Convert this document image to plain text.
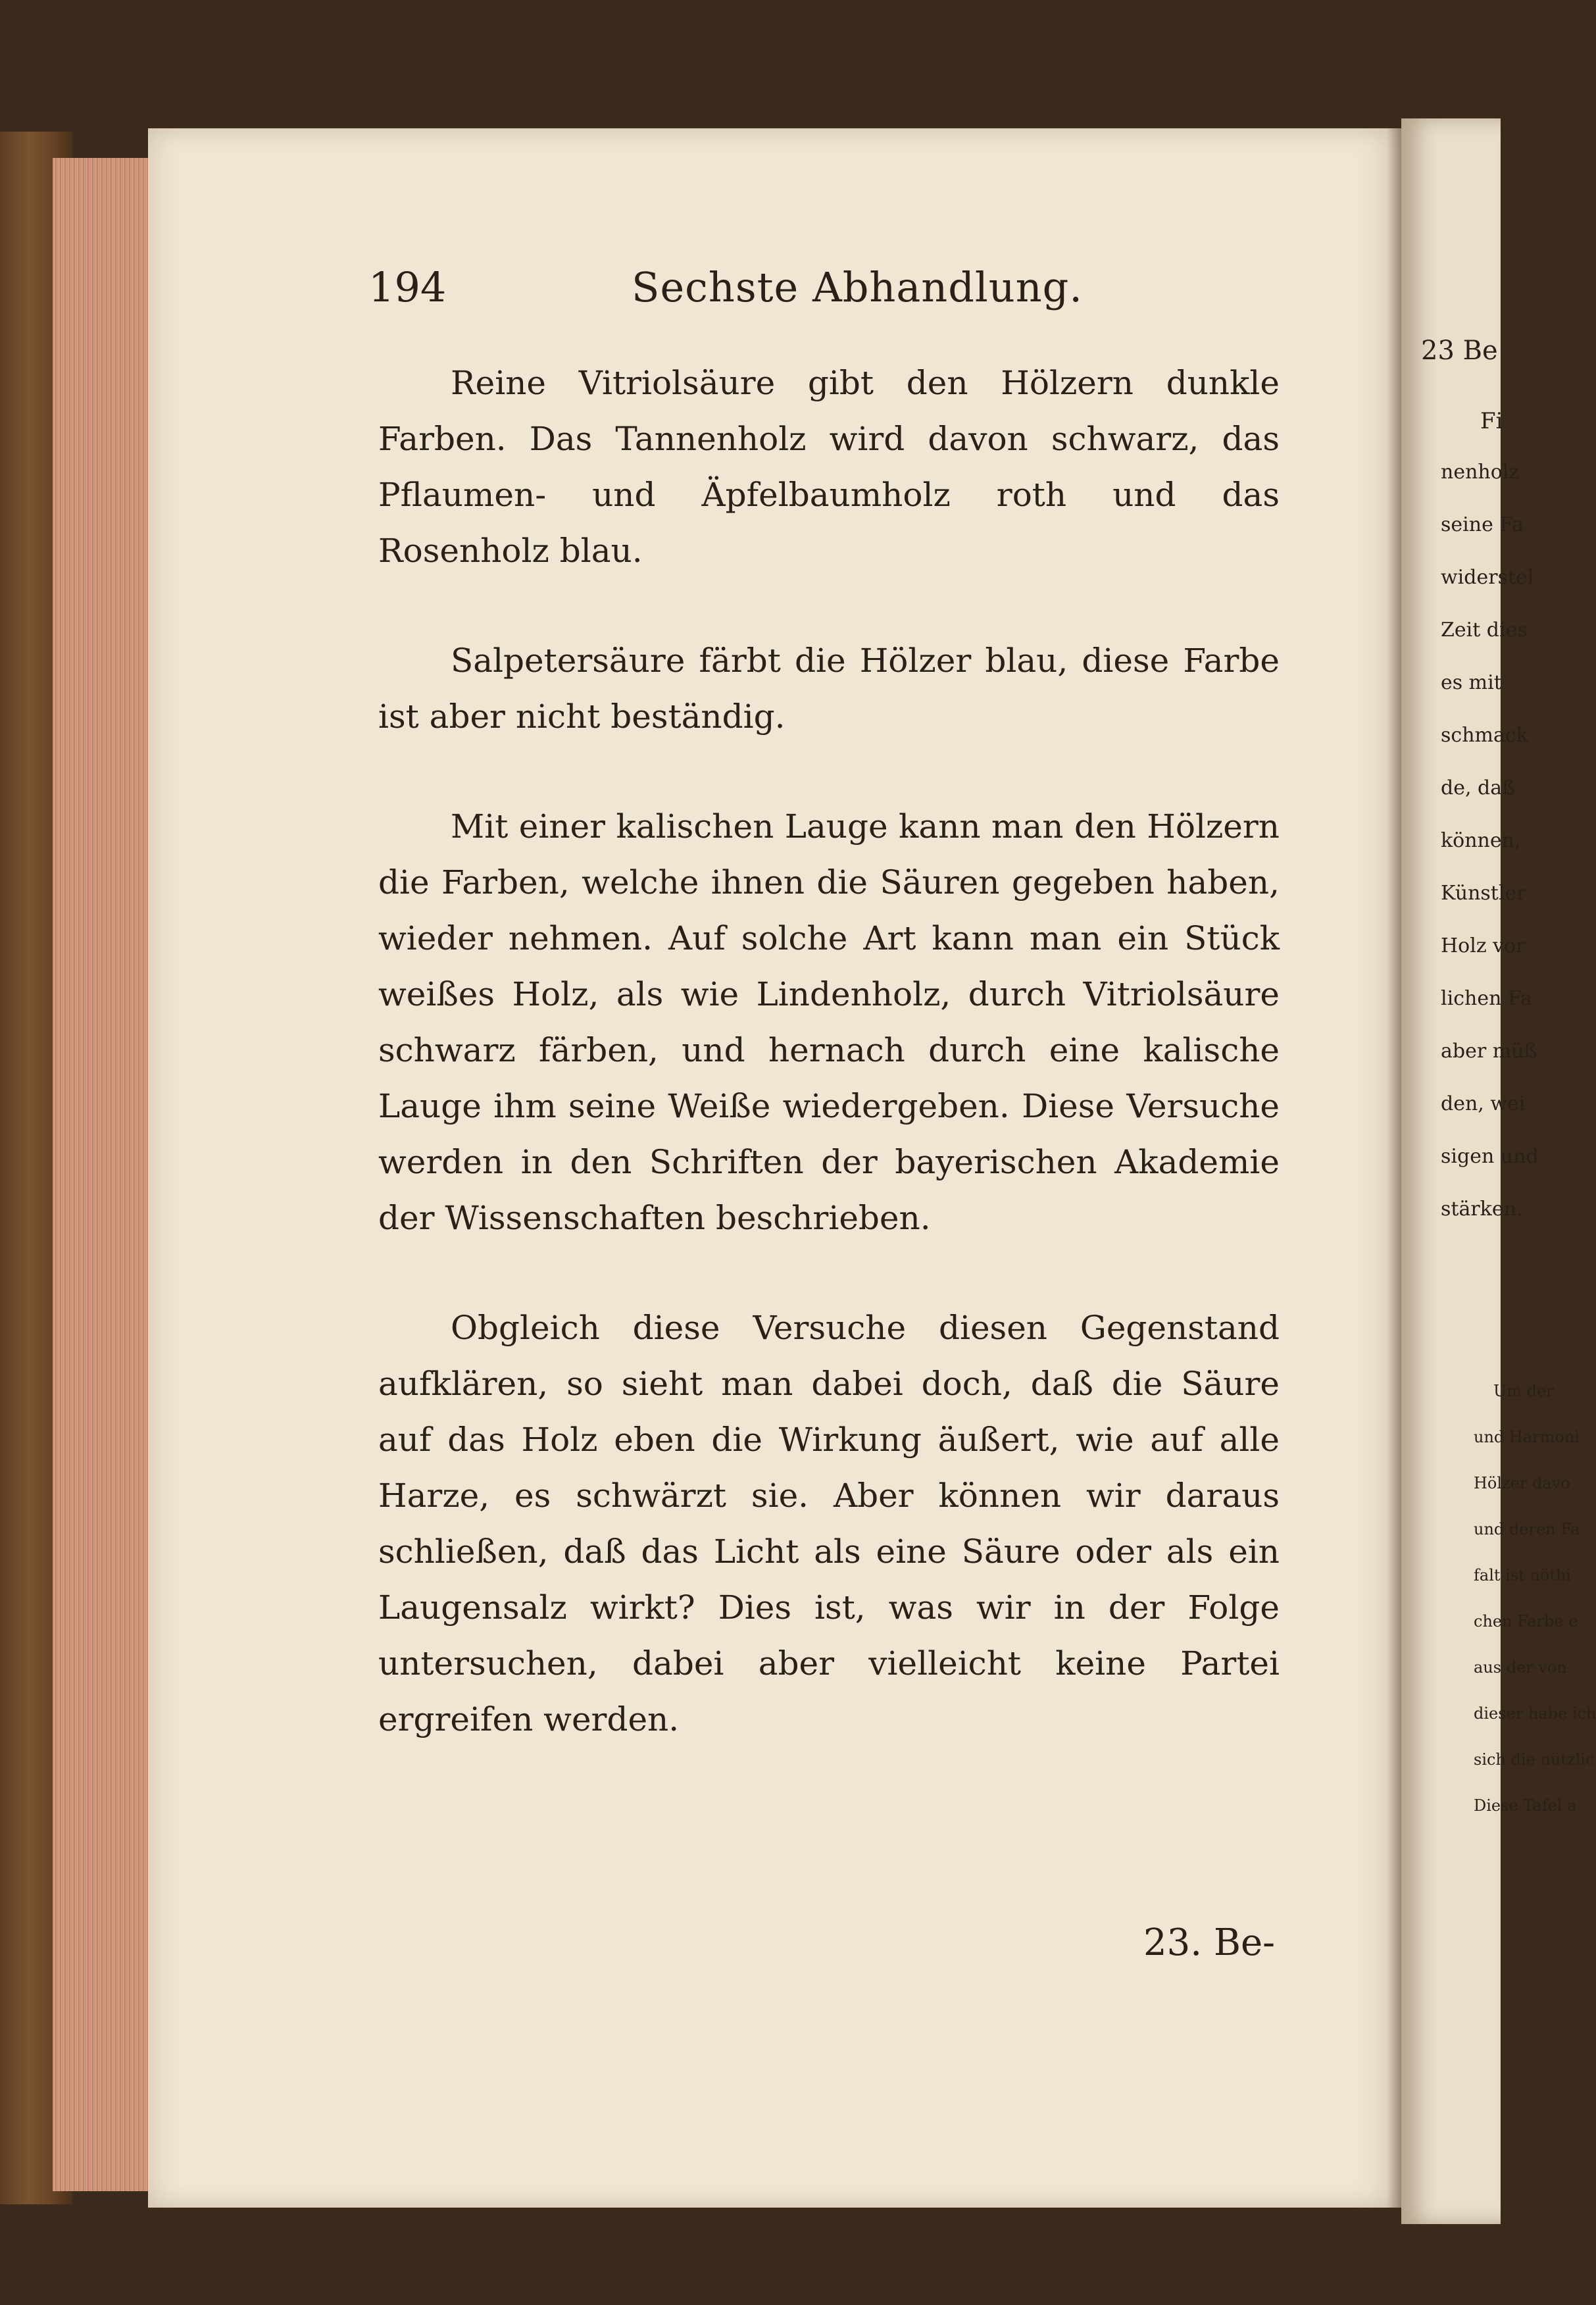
194	Sechste Abhandlung.

Reine Vitriolsäure gibt den Hölzern dunkle Farben. Das Tannenholz wird davon schwarz, das Pflaumen- und Äpfelbaumholz roth und das Rosenholz blau.

Salpetersäure färbt die Hölzer blau, diese Farbe ist aber nicht beständig.

Mit einer kalischen Lauge kann man den Hölzern die Farben, welche ihnen die Säuren gegeben haben, wieder nehmen. Auf solche Art kann man ein Stück weißes Holz, als wie Lindenholz, durch Vitriolsäure schwarz färben, und hernach durch eine kalische Lauge ihm seine Weiße wiedergeben. Diese Versuche werden in den Schriften der bayerischen Akademie der Wissenschaften beschrieben.

Obgleich diese Versuche diesen Gegenstand aufklären, so sieht man dabei doch, daß die Säure auf das Holz eben die Wirkung äußert, wie auf alle Harze, es schwärzt sie. Aber können wir daraus schließen, daß das Licht als eine Säure oder als ein Laugensalz wirkt? Dies ist, was wir in der Folge untersuchen, dabei aber vielleicht keine Partei ergreifen werden.

23. Be-
23 Be
Fi
nenholz
seine Fa
widerstel
Zeit dies
es mit
schmack
de, daß
können,
Künstler
Holz vor
lichen Fa
aber müß
den, wei
sigen und
stärken.
Um der
und Harmoni
Hölzer davo
und deren Fa
falt ist nöthi
chen Farbe e
aus der von
dieser habe ich
sich die nützlic
Diese Tafel a
